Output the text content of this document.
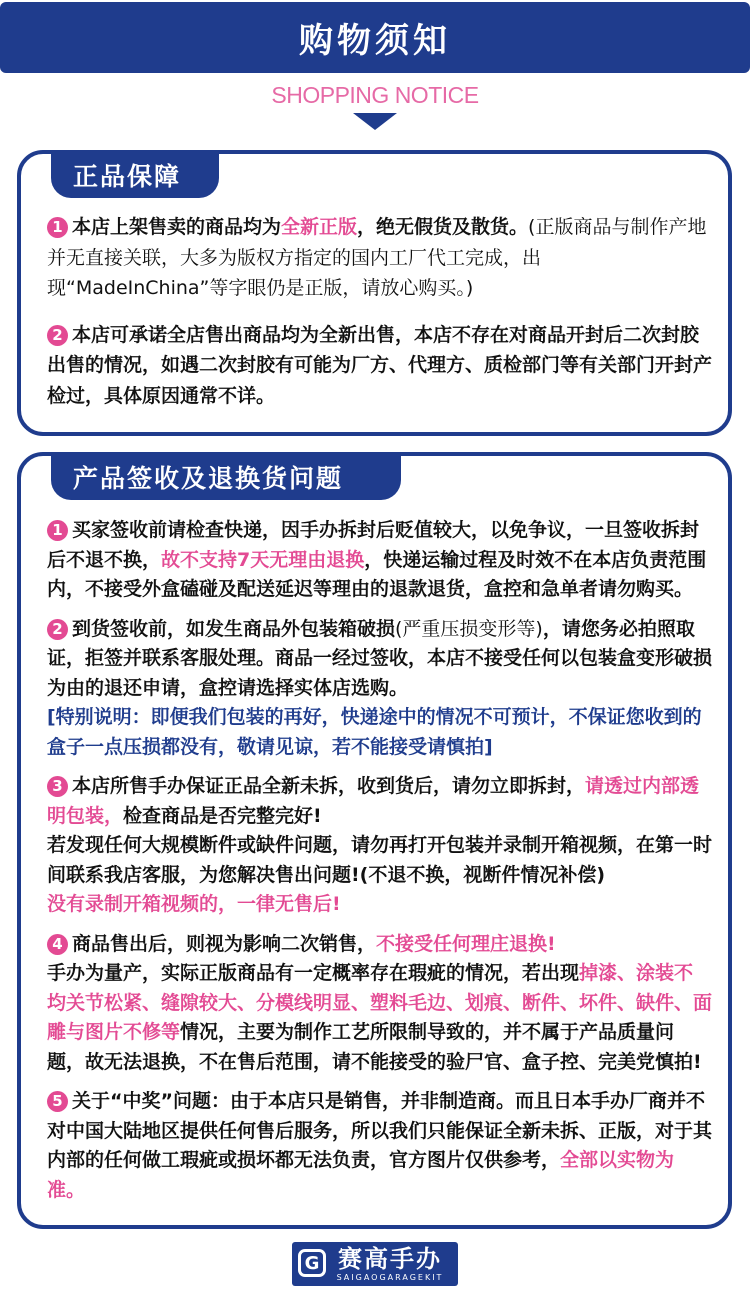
购物须知
SHOPPING NOTICE
正品保障

1 本店上架售卖的商品均为全新正版，绝无假货及散货。(正版商品与制作产地并无直接关联，大多为版权方指定的国内工厂代工完成，出现“MadeInChina”等字眼仍是正版，请放心购买。)

2 本店可承诺全店售出商品均为全新出售，本店不存在对商品开封后二次封胶出售的情况，如遇二次封胶有可能为厂方、代理方、质检部门等有关部门开封产检过，具体原因通常不详。

产品签收及退换货问题

1 买家签收前请检查快递，因手办拆封后贬值较大，以免争议，一旦签收拆封后不退不换，故不支持7天无理由退换，快递运输过程及时效不在本店负责范围内，不接受外盒磕碰及配送延迟等理由的退款退货，盒控和急单者请勿购买。

2 到货签收前，如发生商品外包装箱破损(严重压损变形等)，请您务必拍照取证，拒签并联系客服处理。商品一经过签收，本店不接受任何以包装盒变形破损为由的退还申请，盒控请选择实体店选购。
[特别说明：即便我们包装的再好，快递途中的情况不可预计，不保证您收到的盒子一点压损都没有，敬请见谅，若不能接受请慎拍]

3 本店所售手办保证正品全新未拆，收到货后，请勿立即拆封，请透过内部透明包装，检查商品是否完整完好!
若发现任何大规模断件或缺件问题，请勿再打开包装并录制开箱视频，在第一时间联系我店客服，为您解决售出问题!(不退不换，视断件情况补偿)
没有录制开箱视频的，一律无售后!

4 商品售出后，则视为影响二次销售，不接受任何理庄退换!
手办为量产，实际正版商品有一定概率存在瑕疵的情况，若出现掉漆、涂装不均关节松紧、缝隙较大、分模线明显、塑料毛边、划痕、断件、坏件、缺件、面雕与图片不修等情况，主要为制作工艺所限制导致的，并不属于产品质量问题，故无法退换，不在售后范围，请不能接受的验尸官、盒子控、完美党慎拍!

5 关于“中奖”问题：由于本店只是销售，并非制造商。而且日本手办厂商并不对中国大陆地区提供任何售后服务，所以我们只能保证全新未拆、正版，对于其内部的任何做工瑕疵或损坏都无法负责，官方图片仅供参考，全部以实物为准。

G 赛高手办
SAIGAOGARAGEKIT
